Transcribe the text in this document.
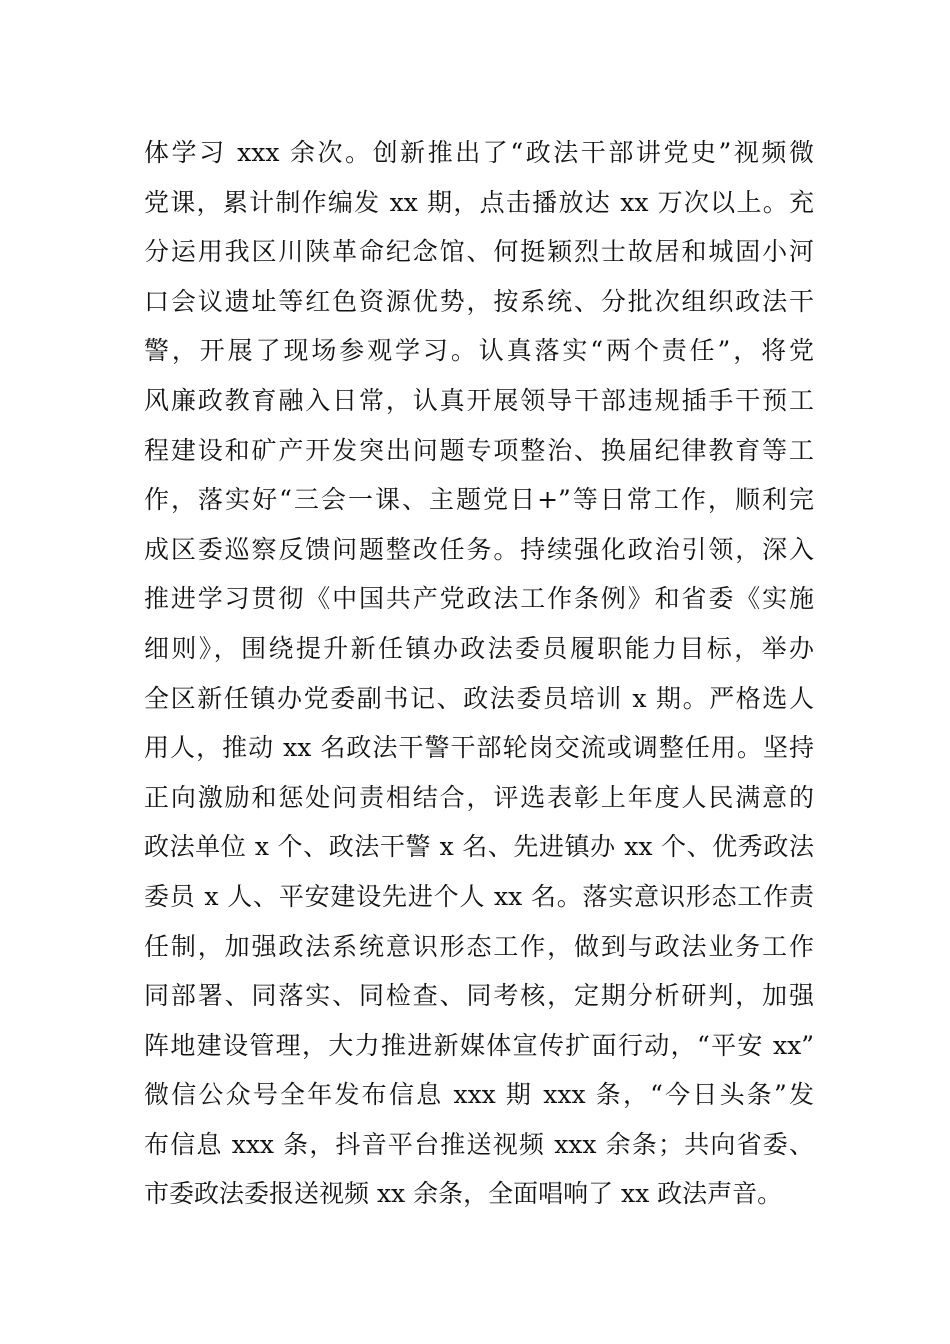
体学习 xxx 余次。创新推出了“政法干部讲党史”视频微
党课，累计制作编发 xx 期，点击播放达 xx 万次以上。充
分运用我区川陕革命纪念馆、何挺颖烈士故居和城固小河
口会议遗址等红色资源优势，按系统、分批次组织政法干
警，开展了现场参观学习。认真落实“两个责任”，将党
风廉政教育融入日常，认真开展领导干部违规插手干预工
程建设和矿产开发突出问题专项整治、换届纪律教育等工
作，落实好“三会一课、主题党日+”等日常工作，顺利完
成区委巡察反馈问题整改任务。持续强化政治引领，深入
推进学习贯彻《中国共产党政法工作条例》和省委《实施
细则》，围绕提升新任镇办政法委员履职能力目标，举办
全区新任镇办党委副书记、政法委员培训 x 期。严格选人
用人，推动 xx 名政法干警干部轮岗交流或调整任用。坚持
正向激励和惩处问责相结合，评选表彰上年度人民满意的
政法单位 x 个、政法干警 x 名、先进镇办 xx 个、优秀政法
委员 x 人、平安建设先进个人 xx 名。落实意识形态工作责
任制，加强政法系统意识形态工作，做到与政法业务工作
同部署、同落实、同检查、同考核，定期分析研判，加强
阵地建设管理，大力推进新媒体宣传扩面行动，“平安 xx”
微信公众号全年发布信息 xxx 期 xxx 条，“今日头条”发
布信息 xxx 条，抖音平台推送视频 xxx 余条；共向省委、
市委政法委报送视频 xx 余条，全面唱响了 xx 政法声音。
